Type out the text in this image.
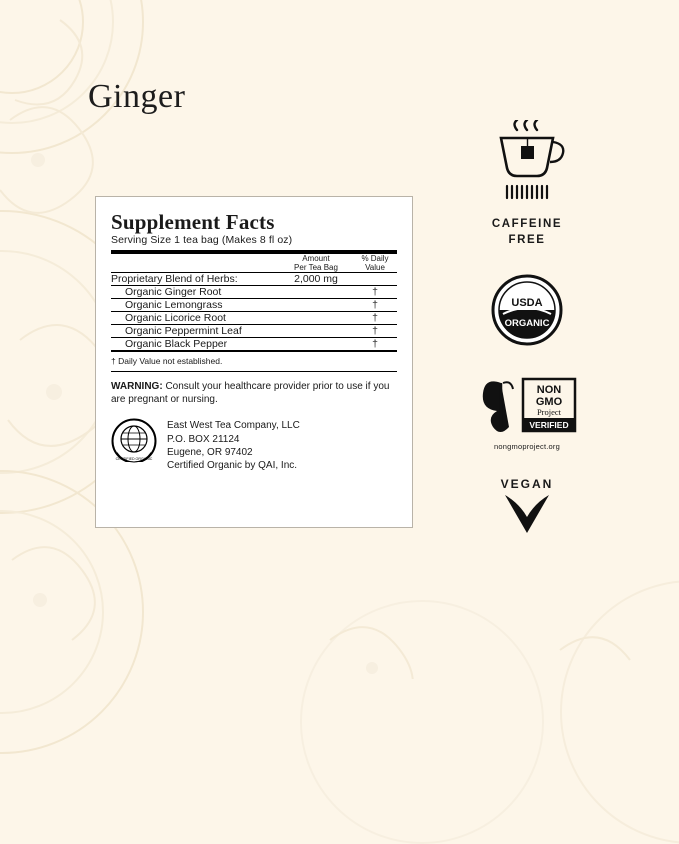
Ginger
Supplement Facts
Serving Size 1 tea bag (Makes 8 fl oz)

Amount
Per Tea Bag

% Daily
Value

Proprietary Blend of Herbs:	2,000 mg	
Organic Ginger Root		†
Organic Lemongrass		†
Organic Licorice Root		†
Organic Peppermint Leaf		†
Organic Black Pepper		†
† Daily Value not established.
WARNING: Consult your healthcare provider prior to use if you are pregnant or nursing.
CERTIFIED ORGANIC
East West Tea Company, LLC
P.O. BOX 21124
Eugene, OR 97402
Certified Organic by QAI, Inc.
CAFFEINE
FREE
USDA
ORGANIC
NON
GMO
Project
VERIFIED
nongmoproject.org
VEGAN
